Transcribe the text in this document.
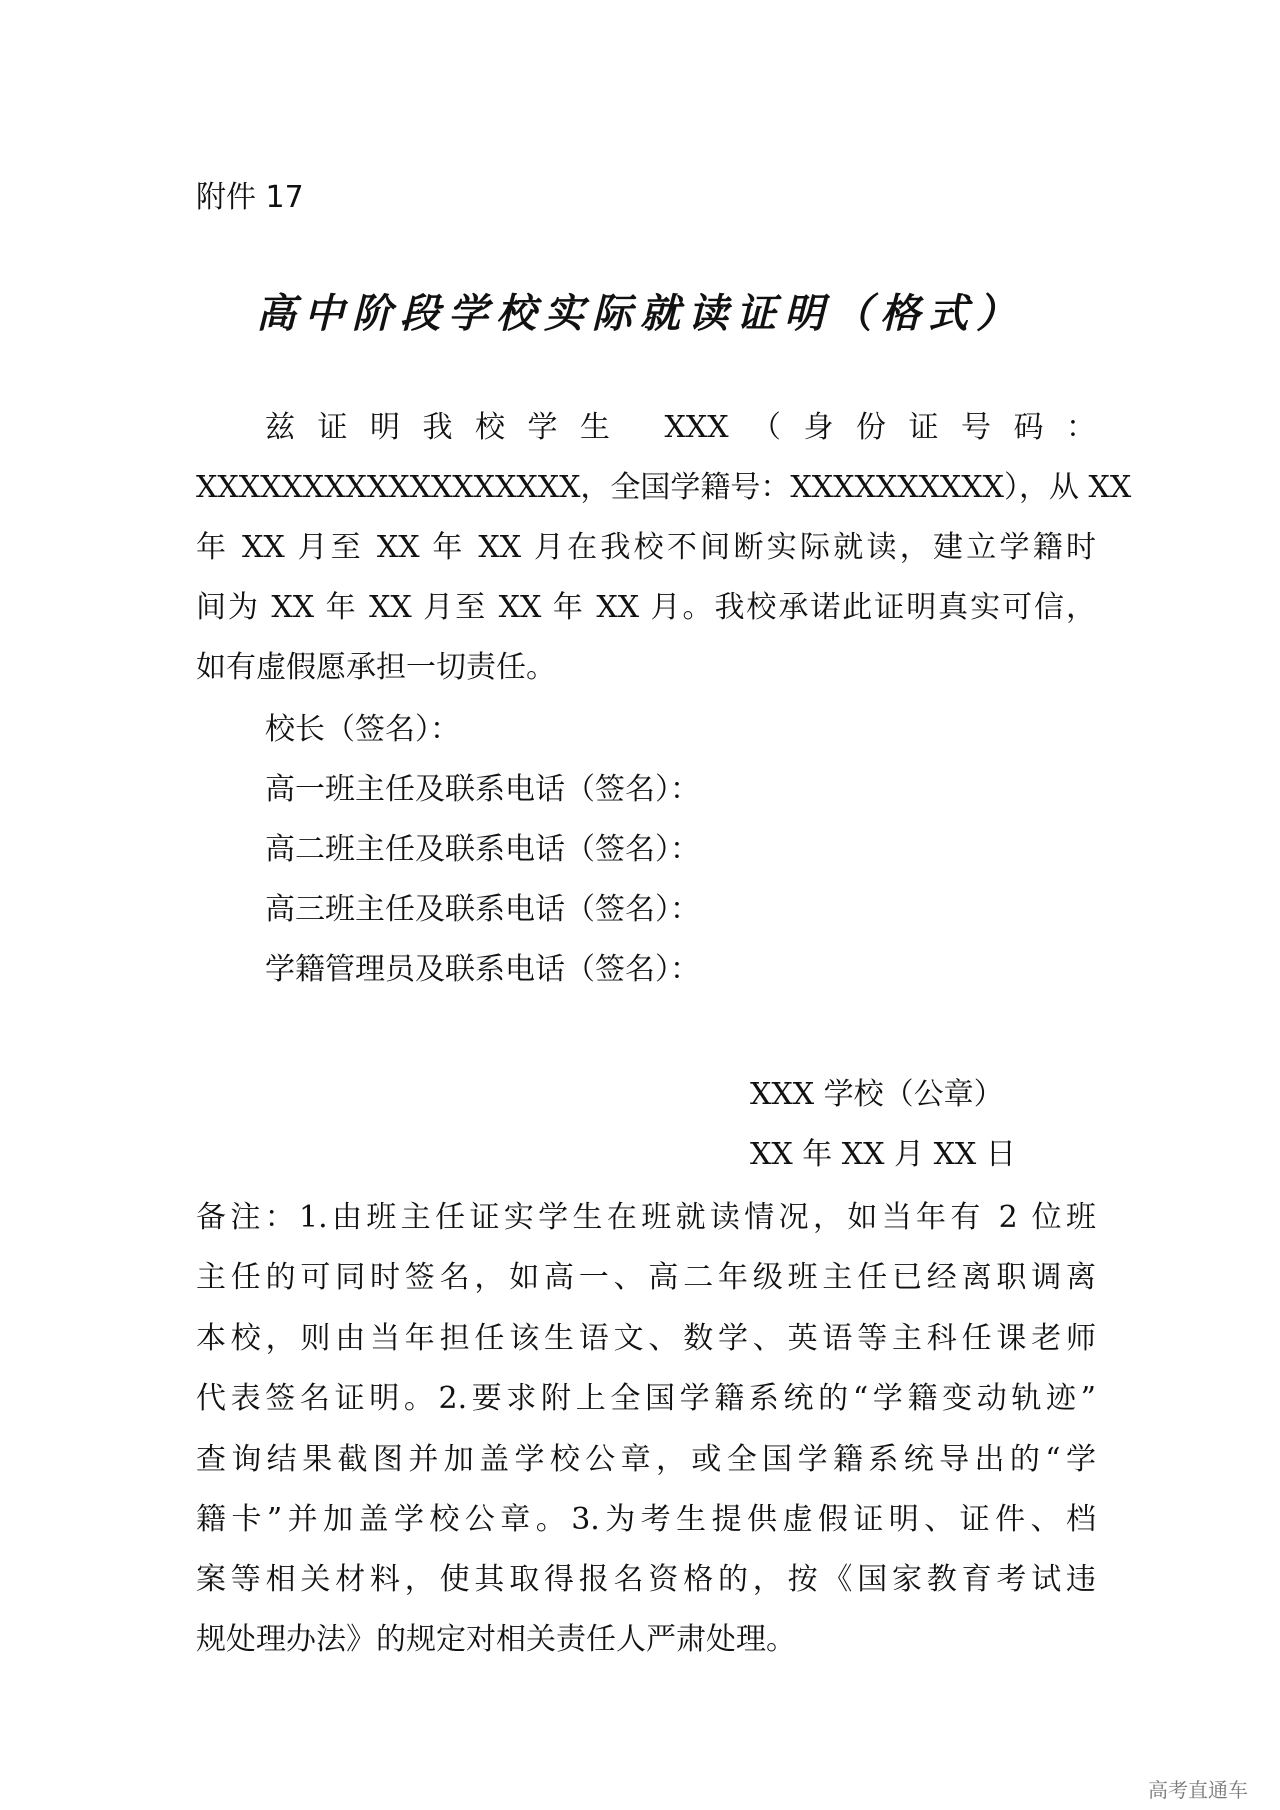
附件 17
高中阶段学校实际就读证明（格式）
兹证明我校学生 XXX（身份证号码：
XXXXXXXXXXXXXXXXXX，全国学籍号：XXXXXXXXXX），从 XX
年 XX 月至 XX 年 XX 月在我校不间断实际就读，建立学籍时
间为 XX 年 XX 月至 XX 年 XX 月。我校承诺此证明真实可信，
如有虚假愿承担一切责任。
校长（签名）：
高一班主任及联系电话（签名）：
高二班主任及联系电话（签名）：
高三班主任及联系电话（签名）：
学籍管理员及联系电话（签名）：
XXX 学校（公章）
XX 年 XX 月 XX 日
备注：1.由班主任证实学生在班就读情况，如当年有 2 位班
主任的可同时签名，如高一、高二年级班主任已经离职调离
本校，则由当年担任该生语文、数学、英语等主科任课老师
代表签名证明。2.要求附上全国学籍系统的“学籍变动轨迹”
查询结果截图并加盖学校公章，或全国学籍系统导出的“学
籍卡”并加盖学校公章。3.为考生提供虚假证明、证件、档
案等相关材料，使其取得报名资格的，按《国家教育考试违
规处理办法》的规定对相关责任人严肃处理。
高考直通车
